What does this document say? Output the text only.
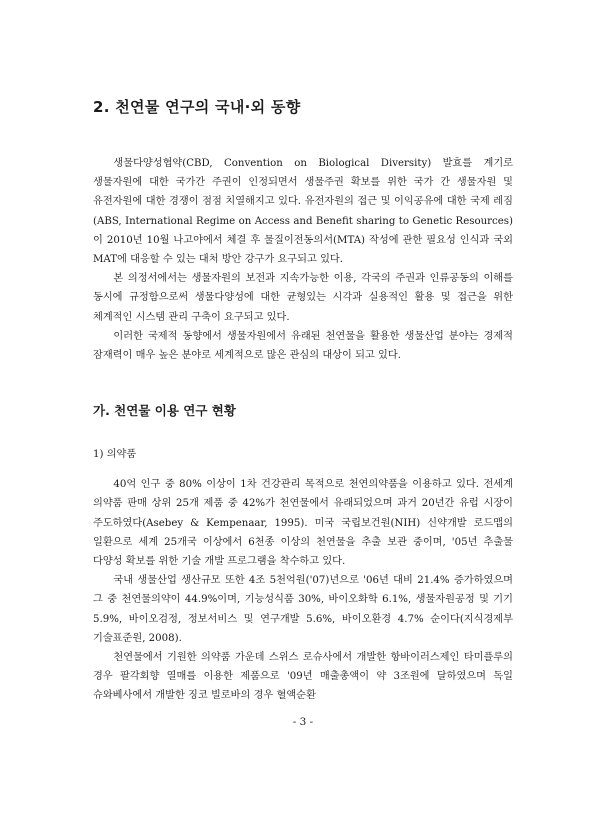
2. 천연물 연구의 국내·외 동향

생물다양성협약(CBD, Convention on Biological Diversity) 발효를 계기로 생물자원에 대한 국가간 주권이 인정되면서 생물주권 확보를 위한 국가 간 생물자원 및 유전자원에 대한 경쟁이 점점 치열해지고 있다. 유전자원의 접근 및 이익공유에 대한 국제 레짐(ABS, International Regime on Access and Benefit sharing to Genetic Resources)이 2010년 10월 나고야에서 체결 후 물질이전동의서(MTA) 작성에 관한 필요성 인식과 국외 MAT에 대응할 수 있는 대처 방안 강구가 요구되고 있다.

본 의정서에서는 생물자원의 보전과 지속가능한 이용, 각국의 주권과 인류공동의 이해를 동시에 규정함으로써 생물다양성에 대한 균형있는 시각과 실용적인 활용 및 접근을 위한 체계적인 시스템 관리 구축이 요구되고 있다.

이러한 국제적 동향에서 생물자원에서 유래된 천연물을 활용한 생물산업 분야는 경제적 잠재력이 매우 높은 분야로 세계적으로 많은 관심의 대상이 되고 있다.

가. 천연물 이용 연구 현황
1) 의약품

40억 인구 중 80% 이상이 1차 건강관리 목적으로 천연의약품을 이용하고 있다. 전세계 의약품 판매 상위 25개 제품 중 42%가 천연물에서 유래되었으며 과거 20년간 유럽 시장이 주도하였다(Asebey & Kempenaar, 1995). 미국 국립보건원(NIH) 신약개발 로드맵의 일환으로 세계 25개국 이상에서 6천종 이상의 천연물을 추출 보관 중이며, '05년 추출물 다양성 확보를 위한 기술 개발 프로그램을 착수하고 있다.

국내 생물산업 생산규모 또한 4조 5천억원('07)년으로 '06년 대비 21.4% 증가하였으며 그 중 천연물의약이 44.9%이며, 기능성식품 30%, 바이오화학 6.1%, 생물자원공정 및 기기 5.9%, 바이오검정, 정보서비스 및 연구개발 5.6%, 바이오환경 4.7% 순이다(지식경제부 기술표준원, 2008).

천연물에서 기원한 의약품 가운데 스위스 로슈사에서 개발한 항바이러스제인 타미플루의 경우 팔각회향 열매를 이용한 제품으로 '09년 매출총액이 약 3조원에 달하였으며 독일 슈와베사에서 개발한 징코 빌로바의 경우 혈액순환

- 3 -
